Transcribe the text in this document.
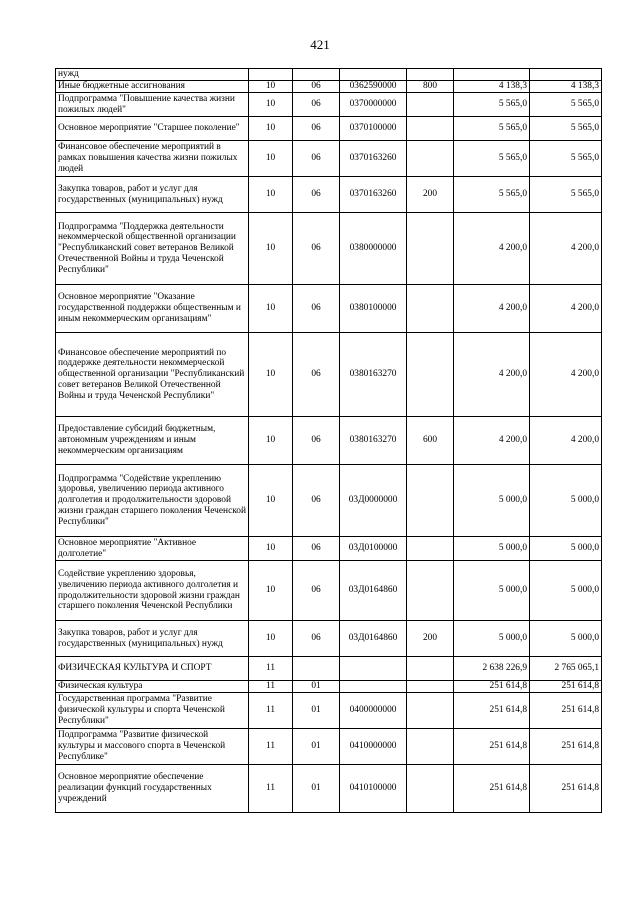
421
нужд						
Иные бюджетные ассигнования	10	06	0362590000	800	4 138,3	4 138,3
Подпрограмма "Повышение качества жизни пожилых людей"	10	06	0370000000		5 565,0	5 565,0
Основное мероприятие "Старшее поколение"	10	06	0370100000		5 565,0	5 565,0
Финансовое обеспечение мероприятий в рамках повышения качества жизни пожилых людей	10	06	0370163260		5 565,0	5 565,0
Закупка товаров, работ и услуг для государственных (муниципальных) нужд	10	06	0370163260	200	5 565,0	5 565,0
Подпрограмма "Поддержка деятельности некоммерческой общественной организации "Республиканский совет ветеранов Великой Отечественной Войны и труда Чеченской Республики"	10	06	0380000000		4 200,0	4 200,0
Основное мероприятие "Оказание государственной поддержки общественным и иным некоммерческим организациям"	10	06	0380100000		4 200,0	4 200,0
Финансовое обеспечение мероприятий по поддержке деятельности некоммерческой общественной организации "Республиканский совет ветеранов Великой Отечественной Войны и труда Чеченской Республики"	10	06	0380163270		4 200,0	4 200,0
Предоставление субсидий бюджетным, автономным учреждениям и иным некоммерческим организациям	10	06	0380163270	600	4 200,0	4 200,0
Подпрограмма "Содействие укреплению здоровья, увеличению периода активного долголетия и продолжительности здоровой жизни граждан старшего поколения Чеченской Республики"	10	06	03Д0000000		5 000,0	5 000,0
Основное мероприятие "Активное долголетие"	10	06	03Д0100000		5 000,0	5 000,0
Содействие укреплению здоровья, увеличению периода активного долголетия и продолжительности здоровой жизни граждан старшего поколения Чеченской Республики	10	06	03Д0164860		5 000,0	5 000,0
Закупка товаров, работ и услуг для государственных (муниципальных) нужд	10	06	03Д0164860	200	5 000,0	5 000,0
ФИЗИЧЕСКАЯ КУЛЬТУРА И СПОРТ	11				2 638 226,9	2 765 065,1
Физическая культура	11	01			251 614,8	251 614,8
Государственная программа "Развитие физической культуры и спорта Чеченской Республики"	11	01	0400000000		251 614,8	251 614,8
Подпрограмма "Развитие физической культуры и массового спорта в Чеченской Республике"	11	01	0410000000		251 614,8	251 614,8
Основное мероприятие обеспечение реализации функций государственных учреждений	11	01	0410100000		251 614,8	251 614,8
